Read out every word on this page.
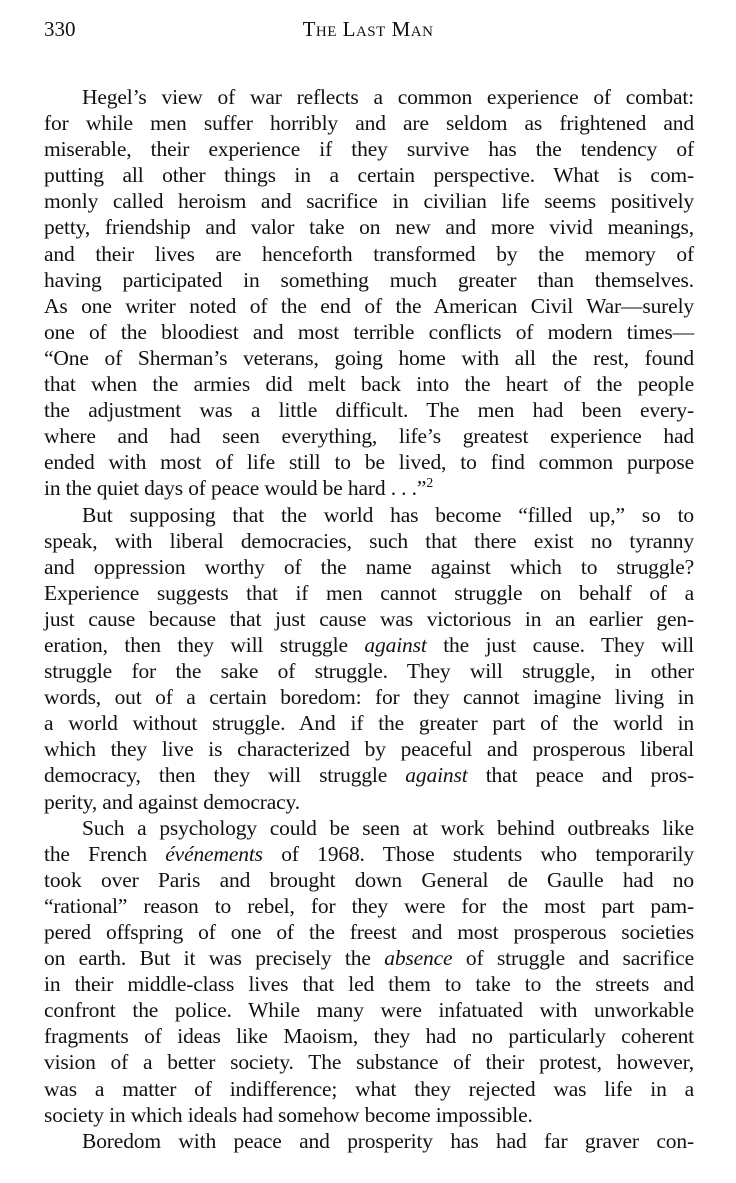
330	The Last Man
Hegel’s view of war reflects a common experience of combat:
for while men suffer horribly and are seldom as frightened and
miserable, their experience if they survive has the tendency of
putting all other things in a certain perspective. What is com-
monly called heroism and sacrifice in civilian life seems positively
petty, friendship and valor take on new and more vivid meanings,
and their lives are henceforth transformed by the memory of
having participated in something much greater than themselves.
As one writer noted of the end of the American Civil War—surely
one of the bloodiest and most terrible conflicts of modern times—
“One of Sherman’s veterans, going home with all the rest, found
that when the armies did melt back into the heart of the people
the adjustment was a little difficult. The men had been every-
where and had seen everything, life’s greatest experience had
ended with most of life still to be lived, to find common purpose
in the quiet days of peace would be hard . . .”$^2$
But supposing that the world has become “filled up,” so to
speak, with liberal democracies, such that there exist no tyranny
and oppression worthy of the name against which to struggle?
Experience suggests that if men cannot struggle on behalf of a
just cause because that just cause was victorious in an earlier gen-
eration, then they will struggle against the just cause. They will
struggle for the sake of struggle. They will struggle, in other
words, out of a certain boredom: for they cannot imagine living in
a world without struggle. And if the greater part of the world in
which they live is characterized by peaceful and prosperous liberal
democracy, then they will struggle against that peace and pros-
perity, and against democracy.
Such a psychology could be seen at work behind outbreaks like
the French événements of 1968. Those students who temporarily
took over Paris and brought down General de Gaulle had no
“rational” reason to rebel, for they were for the most part pam-
pered offspring of one of the freest and most prosperous societies
on earth. But it was precisely the absence of struggle and sacrifice
in their middle-class lives that led them to take to the streets and
confront the police. While many were infatuated with unworkable
fragments of ideas like Maoism, they had no particularly coherent
vision of a better society. The substance of their protest, however,
was a matter of indifference; what they rejected was life in a
society in which ideals had somehow become impossible.
Boredom with peace and prosperity has had far graver con-
